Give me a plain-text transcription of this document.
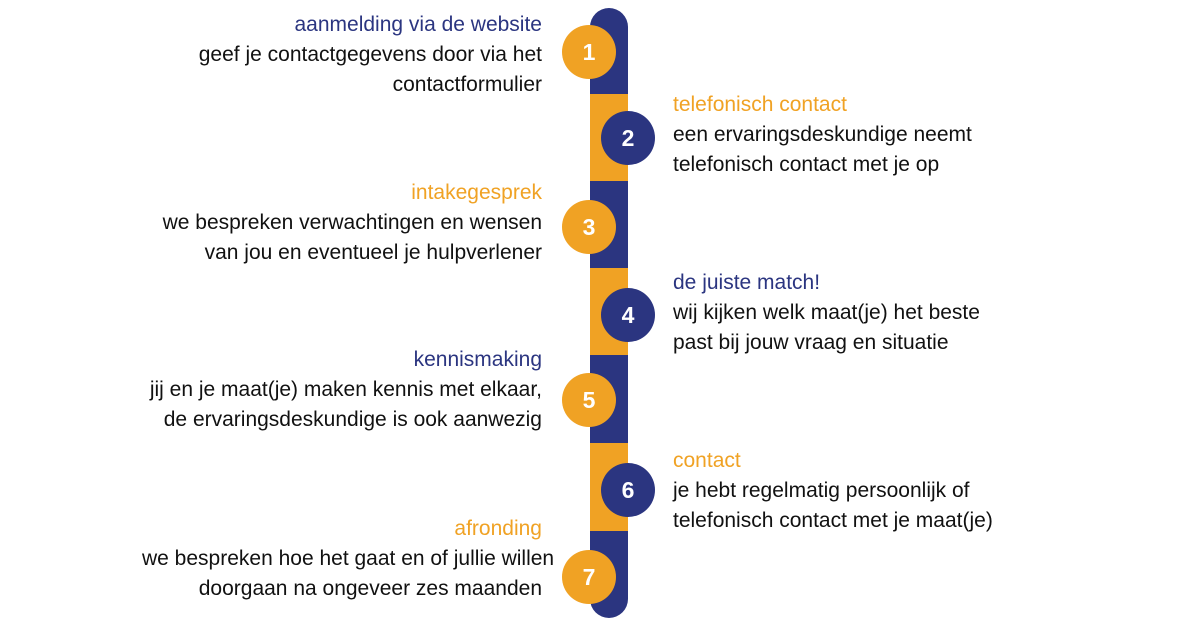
1
2
3
4
5
6
7
aanmelding via de website
geef je contactgegevens door via het
contactformulier
telefonisch contact
een ervaringsdeskundige neemt
telefonisch contact met je op
intakegesprek
we bespreken verwachtingen en wensen
van jou en eventueel je hulpverlener
de juiste match!
wij kijken welk maat(je) het beste
past bij jouw vraag en situatie
kennismaking
jij en je maat(je) maken kennis met elkaar,
de ervaringsdeskundige is ook aanwezig
contact
je hebt regelmatig persoonlijk of
telefonisch contact met je maat(je)
afronding
we bespreken hoe het gaat en of jullie willen
doorgaan na ongeveer zes maanden
